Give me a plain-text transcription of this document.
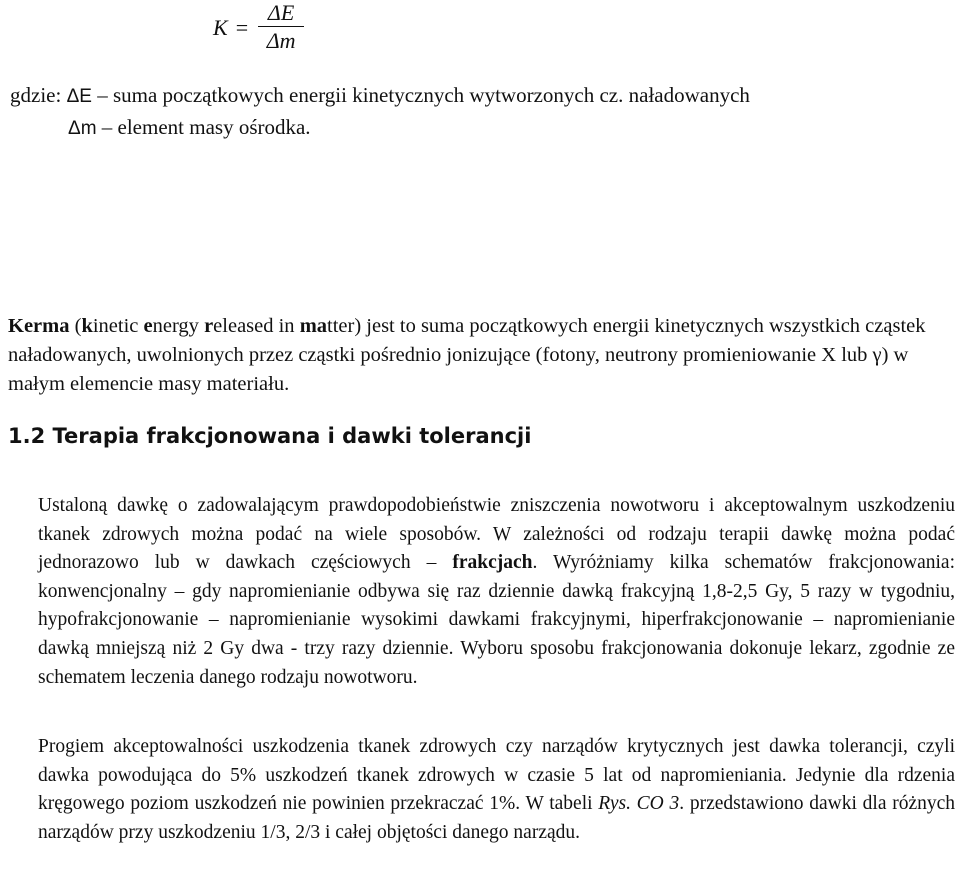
$K = \frac{\Delta E}{\Delta m}$
gdzie: ΔE – suma początkowych energii kinetycznych wytworzonych cz. naładowanych
Δm – element masy ośrodka.
Kerma (kinetic energy released in matter) jest to suma początkowych energii kinetycznych wszystkich cząstek naładowanych, uwolnionych przez cząstki pośrednio jonizujące (fotony, neutrony promieniowanie X lub γ) w małym elemencie masy materiału.
1.2 Terapia frakcjonowana i dawki tolerancji
Ustaloną dawkę o zadowalającym prawdopodobieństwie zniszczenia nowotworu i akceptowalnym uszkodzeniu tkanek zdrowych można podać na wiele sposobów. W zależności od rodzaju terapii dawkę można podać jednorazowo lub w dawkach częściowych – frakcjach. Wyróżniamy kilka schematów frakcjonowania: konwencjonalny – gdy napromienianie odbywa się raz dziennie dawką frakcyjną 1,8-2,5 Gy, 5 razy w tygodniu, hypofrakcjonowanie – napromienianie wysokimi dawkami frakcyjnymi, hiperfrakcjonowanie – napromienianie dawką mniejszą niż 2 Gy dwa - trzy razy dziennie. Wyboru sposobu frakcjonowania dokonuje lekarz, zgodnie ze schematem leczenia danego rodzaju nowotworu.
Progiem akceptowalności uszkodzenia tkanek zdrowych czy narządów krytycznych jest dawka tolerancji, czyli dawka powodująca do 5% uszkodzeń tkanek zdrowych w czasie 5 lat od napromieniania. Jedynie dla rdzenia kręgowego poziom uszkodzeń nie powinien przekraczać 1%. W tabeli Rys. CO 3. przedstawiono dawki dla różnych narządów przy uszkodzeniu 1/3, 2/3 i całej objętości danego narządu.
